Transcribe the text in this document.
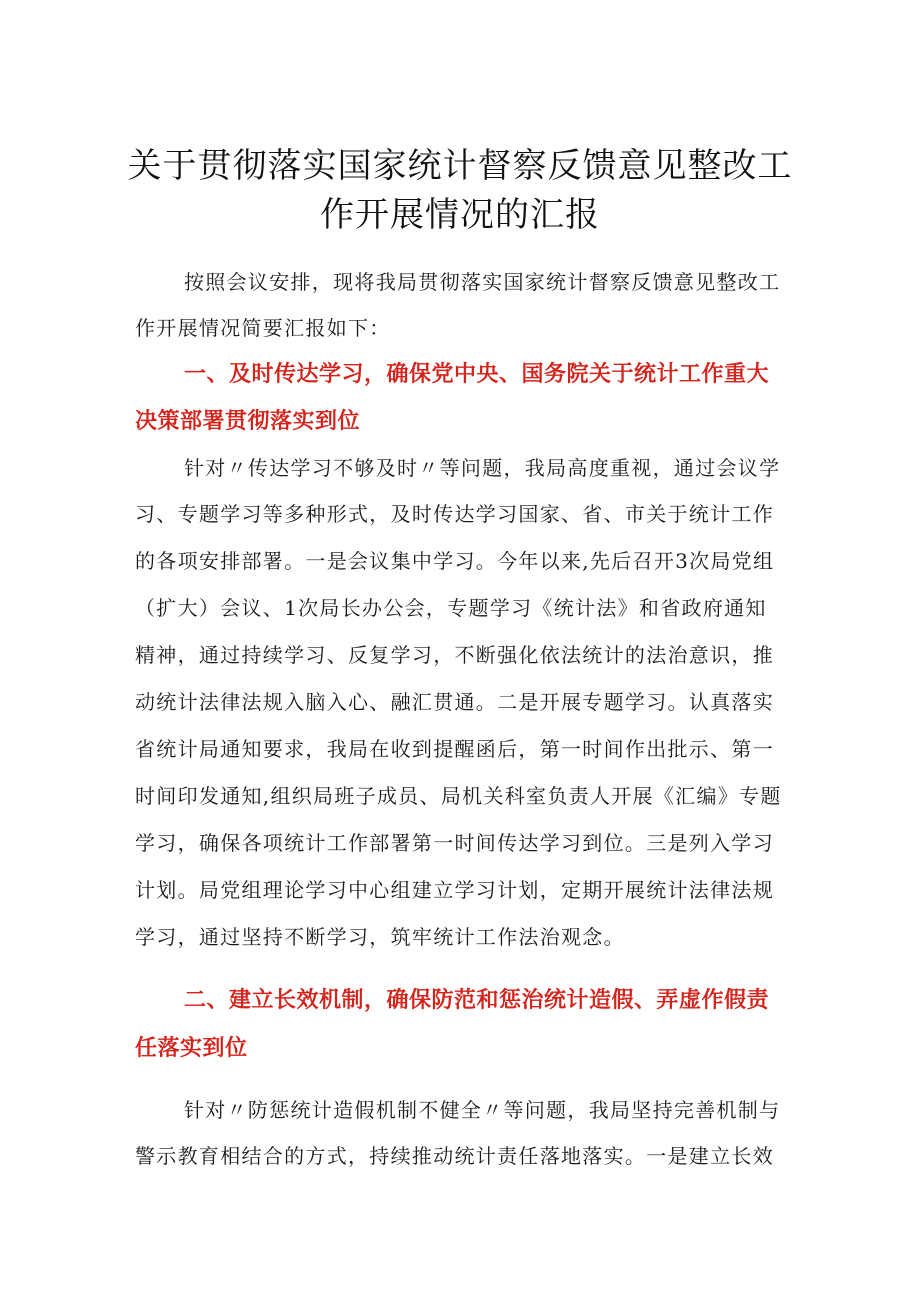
关于贯彻落实国家统计督察反馈意见整改工
作开展情况的汇报
按照会议安排，现将我局贯彻落实国家统计督察反馈意见整改工
作开展情况简要汇报如下：
一、及时传达学习，确保党中央、国务院关于统计工作重大
决策部署贯彻落实到位
针对〃传达学习不够及时〃等问题，我局高度重视，通过会议学
习、专题学习等多种形式，及时传达学习国家、省、市关于统计工作
的各项安排部署。一是会议集中学习。今年以来,先后召开3次局党组
（扩大）会议、1次局长办公会，专题学习《统计法》和省政府通知
精神，通过持续学习、反复学习，不断强化依法统计的法治意识，推
动统计法律法规入脑入心、融汇贯通。二是开展专题学习。认真落实
省统计局通知要求，我局在收到提醒函后，第一时间作出批示、第一
时间印发通知,组织局班子成员、局机关科室负责人开展《汇编》专题
学习，确保各项统计工作部署第一时间传达学习到位。三是列入学习
计划。局党组理论学习中心组建立学习计划，定期开展统计法律法规
学习，通过坚持不断学习，筑牢统计工作法治观念。
二、建立长效机制，确保防范和惩治统计造假、弄虚作假责
任落实到位
针对〃防惩统计造假机制不健全〃等问题，我局坚持完善机制与
警示教育相结合的方式，持续推动统计责任落地落实。一是建立长效
